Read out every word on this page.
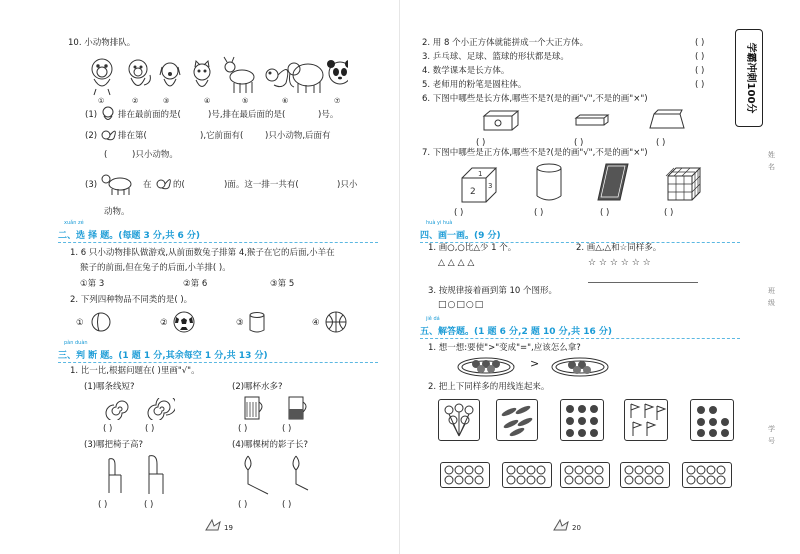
10. 小动物排队。
①	②	③	④	⑤	⑥	⑦
(1) 排在最前面的是(	)号,排在最后面的是(	)号。
(2) 排在第(	),它前面有(	)只小动物,后面有
(	)只小动物。
(3)	在	的(	)面。这一排一共有(	)只小
动物。
xuǎn zé
二、选 择 题。(每题 3 分,共 6 分)
1. 6 只小动物排队做游戏,从前面数兔子排第 4,猴子在它的后面,小羊在
猴子的前面,但在兔子的后面,小羊排( )。
①第 3	②第 6	③第 5
2. 下列四种物品不同类的是( )。
①	②	③	④
pàn duàn
三、判 断 题。(1 题 1 分,其余每空 1 分,共 13 分)
1. 比一比,根据问题在( )里画"√"。
(1)哪条线短?	(2)哪杯水多?
( )	( )	( )	( )
(3)哪把椅子高?	(4)哪棵树的影子长?
( )	( )	( )	( )
19
2. 用 8 个小正方体就能拼成一个大正方体。	( )
3. 乒乓球、足球、篮球的形状都是球。	( )
4. 数学课本是长方体。	( )
5. 老师用的粉笔是圆柱体。	( )
6. 下图中哪些是长方体,哪些不是?(是的画"√",不是的画"×")
( )	( )	( )
7. 下图中哪些是正方体,哪些不是?(是的画"√",不是的画"×")
2
3
1
( )	( )	( )	( )
huà yi huà
四、画一画。(9 分)
1. 画○,○比△少 1 个。
△ △ △ △
2. 画△,△和☆同样多。
☆ ☆ ☆ ☆ ☆ ☆
3. 按规律接着画到第 10 个图形。
□○□○□
jiě dá
五、解答题。(1 题 6 分,2 题 10 分,共 16 分)
1. 想一想:要使">"变成"=",应该怎么拿?
>
2. 把上下同样多的用线连起来。
20
学霸冲刺100分
姓
名
班
级
学
号
